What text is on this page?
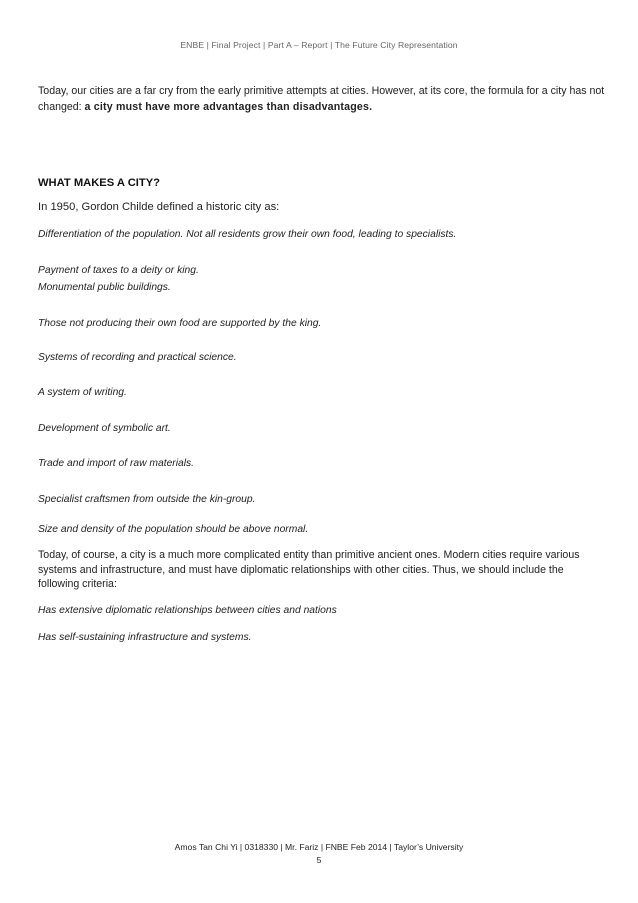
ENBE | Final Project | Part A – Report | The Future City Representation
Today, our cities are a far cry from the early primitive attempts at cities. However, at its core, the formula for a city has not changed: a city must have more advantages than disadvantages.
WHAT MAKES A CITY?
In 1950, Gordon Childe defined a historic city as:
Differentiation of the population. Not all residents grow their own food, leading to specialists.
Payment of taxes to a deity or king.
Monumental public buildings.
Those not producing their own food are supported by the king.
Systems of recording and practical science.
A system of writing.
Development of symbolic art.
Trade and import of raw materials.
Specialist craftsmen from outside the kin-group.
Size and density of the population should be above normal.
Today, of course, a city is a much more complicated entity than primitive ancient ones. Modern cities require various systems and infrastructure, and must have diplomatic relationships with other cities. Thus, we should include the following criteria:
Has extensive diplomatic relationships between cities and nations
Has self-sustaining infrastructure and systems.
Amos Tan Chi Yi | 0318330 | Mr. Fariz | FNBE Feb 2014 | Taylor’s University
5
